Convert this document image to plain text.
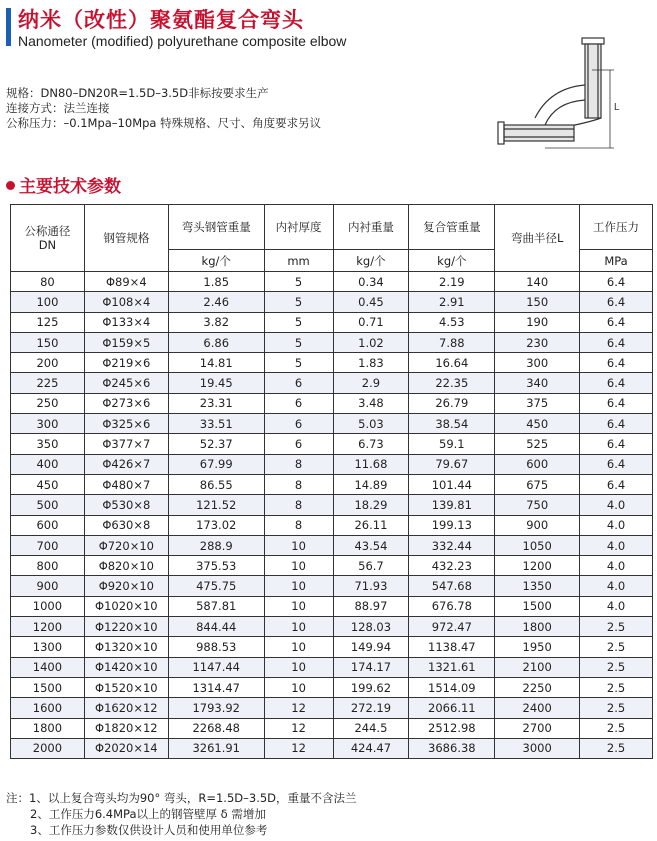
纳米（改性）聚氨酯复合弯头
Nanometer (modified) polyurethane composite elbow
规格：DN80–DN20R=1.5D–3.5D非标按要求生产
连接方式：法兰连接
公称压力：–0.1Mpa–10Mpa 特殊规格、尺寸、角度要求另议
L
主要技术参数
公称通径
DN	钢管规格	弯头钢管重量	内衬厚度	内衬重量	复合管重量	弯曲半径L	工作压力
		kg/个	mm	kg/个	kg/个		MPa
80	Φ89×4	1.85	5	0.34	2.19	140	6.4
100	Φ108×4	2.46	5	0.45	2.91	150	6.4
125	Φ133×4	3.82	5	0.71	4.53	190	6.4
150	Φ159×5	6.86	5	1.02	7.88	230	6.4
200	Φ219×6	14.81	5	1.83	16.64	300	6.4
225	Φ245×6	19.45	6	2.9	22.35	340	6.4
250	Φ273×6	23.31	6	3.48	26.79	375	6.4
300	Φ325×6	33.51	6	5.03	38.54	450	6.4
350	Φ377×7	52.37	6	6.73	59.1	525	6.4
400	Φ426×7	67.99	8	11.68	79.67	600	6.4
450	Φ480×7	86.55	8	14.89	101.44	675	6.4
500	Φ530×8	121.52	8	18.29	139.81	750	4.0
600	Φ630×8	173.02	8	26.11	199.13	900	4.0
700	Φ720×10	288.9	10	43.54	332.44	1050	4.0
800	Φ820×10	375.53	10	56.7	432.23	1200	4.0
900	Φ920×10	475.75	10	71.93	547.68	1350	4.0
1000	Φ1020×10	587.81	10	88.97	676.78	1500	4.0
1200	Φ1220×10	844.44	10	128.03	972.47	1800	2.5
1300	Φ1320×10	988.53	10	149.94	1138.47	1950	2.5
1400	Φ1420×10	1147.44	10	174.17	1321.61	2100	2.5
1500	Φ1520×10	1314.47	10	199.62	1514.09	2250	2.5
1600	Φ1620×12	1793.92	12	272.19	2066.11	2400	2.5
1800	Φ1820×12	2268.48	12	244.5	2512.98	2700	2.5
2000	Φ2020×14	3261.91	12	424.47	3686.38	3000	2.5
注：1、以上复合弯头均为90° 弯头，R=1.5D–3.5D，重量不含法兰
2、工作压力6.4MPa以上的钢管壁厚 δ 需增加
3、工作压力参数仅供设计人员和使用单位参考
